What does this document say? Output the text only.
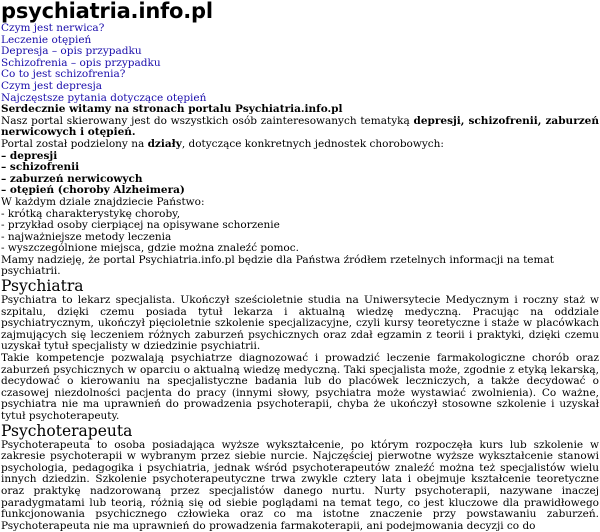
psychiatria.info.pl
Czym jest nerwica?
Leczenie otępień
Depresja – opis przypadku
Schizofrenia – opis przypadku
Co to jest schizofrenia?
Czym jest depresja
Najczęstsze pytania dotyczące otępień

Serdecznie witamy na stronach portalu Psychiatria.info.pl

Nasz portal skierowany jest do wszystkich osób zainteresowanych tematyką depresji, schizofrenii, zaburzeń nerwicowych i otępień.

Portal został podzielony na działy, dotyczące konkretnych jednostek chorobowych:

– depresji
– schizofrenii
– zaburzeń nerwicowych
– otępień (choroby Alzheimera)

W każdym dziale znajdziecie Państwo:

- krótką charakterystykę choroby,
- przykład osoby cierpiącej na opisywane schorzenie
- najważniejsze metody leczenia
- wyszczególnione miejsca, gdzie można znaleźć pomoc.

Mamy nadzieję, że portal Psychiatria.info.pl będzie dla Państwa źródłem rzetelnych informacji na temat psychiatrii.

Psychiatra

Psychiatra to lekarz specjalista. Ukończył sześcioletnie studia na Uniwersytecie Medycznym i roczny staż w szpitalu, dzięki czemu posiada tytuł lekarza i aktualną wiedzę medyczną. Pracując na oddziale psychiatrycznym, ukończył pięcioletnie szkolenie specjalizacyjne, czyli kursy teoretyczne i staże w placówkach zajmujących się leczeniem różnych zaburzeń psychicznych oraz zdał egzamin z teorii i praktyki, dzięki czemu uzyskał tytuł specjalisty w dziedzinie psychiatrii.

Takie kompetencje pozwalają psychiatrze diagnozować i prowadzić leczenie farmakologiczne chorób oraz zaburzeń psychicznych w oparciu o aktualną wiedzę medyczną. Taki specjalista może, zgodnie z etyką lekarską, decydować o kierowaniu na specjalistyczne badania lub do placówek leczniczych, a także decydować o czasowej niezdolności pacjenta do pracy (innymi słowy, psychiatra może wystawiać zwolnienia). Co ważne, psychiatra nie ma uprawnień do prowadzenia psychoterapii, chyba że ukończył stosowne szkolenie i uzyskał tytuł psychoterapeuty.

Psychoterapeuta

Psychoterapeuta to osoba posiadająca wyższe wykształcenie, po którym rozpoczęła kurs lub szkolenie w zakresie psychoterapii w wybranym przez siebie nurcie. Najczęściej pierwotne wyższe wykształcenie stanowi psychologia, pedagogika i psychiatria, jednak wśród psychoterapeutów znaleźć można też specjalistów wielu innych dziedzin. Szkolenie psychoterapeutyczne trwa zwykle cztery lata i obejmuje kształcenie teoretyczne oraz praktykę nadzorowaną przez specjalistów danego nurtu. Nurty psychoterapii, nazywane inaczej paradygmatami lub teorią, różnią się od siebie poglądami na temat tego, co jest kluczowe dla prawidłowego funkcjonowania psychicznego człowieka oraz co ma istotne znaczenie przy powstawaniu zaburzeń. Psychoterapeuta nie ma uprawnień do prowadzenia farmakoterapii, ani podejmowania decyzji co do
